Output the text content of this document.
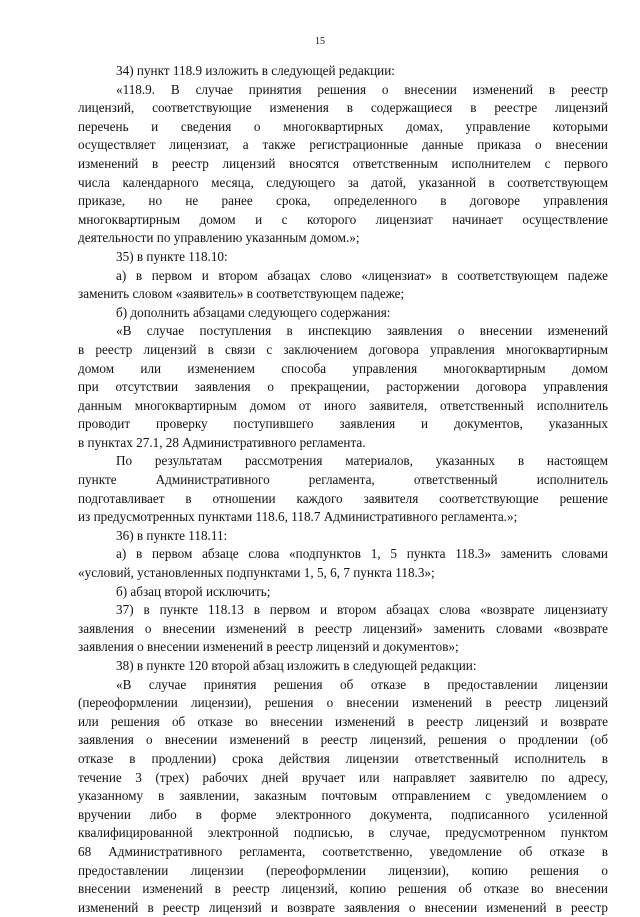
15
34) пункт 118.9 изложить в следующей редакции:
«118.9. В случае принятия решения о внесении изменений в реестр
лицензий, соответствующие изменения в содержащиеся в реестре лицензий
перечень и сведения о многоквартирных домах, управление которыми
осуществляет лицензиат, а также регистрационные данные приказа о внесении
изменений в реестр лицензий вносятся ответственным исполнителем с первого
числа календарного месяца, следующего за датой, указанной в соответствующем
приказе, но не ранее срока, определенного в договоре управления
многоквартирным домом и с которого лицензиат начинает осуществление
деятельности по управлению указанным домом.»;
35) в пункте 118.10:
а) в первом и втором абзацах слово «лицензиат» в соответствующем падеже
заменить словом «заявитель» в соответствующем падеже;
б) дополнить абзацами следующего содержания:
«В случае поступления в инспекцию заявления о внесении изменений
в реестр лицензий в связи с заключением договора управления многоквартирным
домом или изменением способа управления многоквартирным домом
при отсутствии заявления о прекращении, расторжении договора управления
данным многоквартирным домом от иного заявителя, ответственный исполнитель
проводит проверку поступившего заявления и документов, указанных
в пунктах 27.1, 28 Административного регламента.
По результатам рассмотрения материалов, указанных в настоящем
пункте Административного регламента, ответственный исполнитель
подготавливает в отношении каждого заявителя соответствующие решение
из предусмотренных пунктами 118.6, 118.7 Административного регламента.»;
36) в пункте 118.11:
а) в первом абзаце слова «подпунктов 1, 5 пункта 118.3» заменить словами
«условий, установленных подпунктами 1, 5, 6, 7 пункта 118.3»;
б) абзац второй исключить;
37) в пункте 118.13 в первом и втором абзацах слова «возврате лицензиату
заявления о внесении изменений в реестр лицензий» заменить словами «возврате
заявления о внесении изменений в реестр лицензий и документов»;
38) в пункте 120 второй абзац изложить в следующей редакции:
«В случае принятия решения об отказе в предоставлении лицензии
(переоформлении лицензии), решения о внесении изменений в реестр лицензий
или решения об отказе во внесении изменений в реестр лицензий и возврате
заявления о внесении изменений в реестр лицензий, решения о продлении (об
отказе в продлении) срока действия лицензии ответственный исполнитель в
течение 3 (трех) рабочих дней вручает или направляет заявителю по адресу,
указанному в заявлении, заказным почтовым отправлением с уведомлением о
вручении либо в форме электронного документа, подписанного усиленной
квалифицированной электронной подписью, в случае, предусмотренном пунктом
68 Административного регламента, соответственно, уведомление об отказе в
предоставлении лицензии (переоформлении лицензии), копию решения о
внесении изменений в реестр лицензий, копию решения об отказе во внесении
изменений в реестр лицензий и возврате заявления о внесении изменений в реестр
